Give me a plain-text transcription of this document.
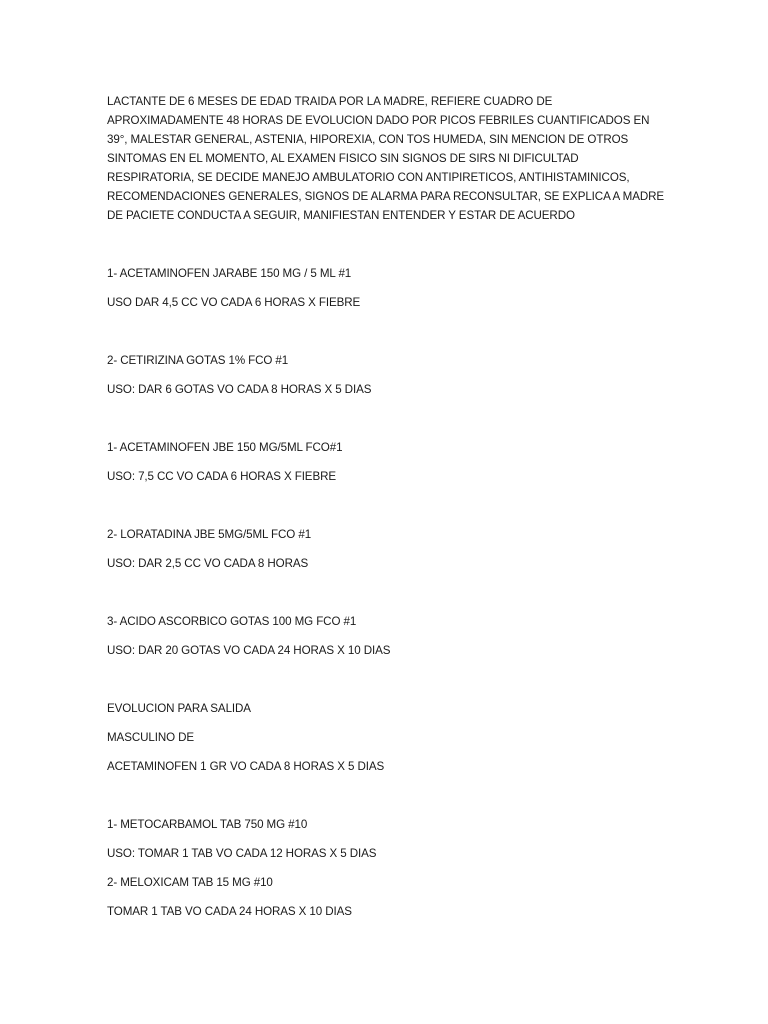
LACTANTE DE 6 MESES DE EDAD TRAIDA POR LA MADRE, REFIERE CUADRO DE
APROXIMADAMENTE 48 HORAS DE EVOLUCION DADO POR PICOS FEBRILES CUANTIFICADOS EN
39°, MALESTAR GENERAL, ASTENIA, HIPOREXIA, CON TOS HUMEDA, SIN MENCION DE OTROS
SINTOMAS EN EL MOMENTO, AL EXAMEN FISICO SIN SIGNOS DE SIRS NI DIFICULTAD
RESPIRATORIA, SE DECIDE MANEJO AMBULATORIO CON ANTIPIRETICOS, ANTIHISTAMINICOS,
RECOMENDACIONES GENERALES, SIGNOS DE ALARMA PARA RECONSULTAR, SE EXPLICA A MADRE
DE PACIETE CONDUCTA A SEGUIR, MANIFIESTAN ENTENDER Y ESTAR DE ACUERDO

1- ACETAMINOFEN JARABE 150 MG / 5 ML #1

USO DAR 4,5 CC VO CADA 6 HORAS X FIEBRE

2- CETIRIZINA GOTAS 1% FCO #1

USO: DAR 6 GOTAS VO CADA 8 HORAS X 5 DIAS

1- ACETAMINOFEN JBE 150 MG/5ML FCO#1

USO: 7,5 CC VO CADA 6 HORAS X FIEBRE

2- LORATADINA JBE 5MG/5ML FCO #1

USO: DAR 2,5 CC VO CADA 8 HORAS

3- ACIDO ASCORBICO GOTAS 100 MG FCO #1

USO: DAR 20 GOTAS VO CADA 24 HORAS X 10 DIAS

EVOLUCION PARA SALIDA

MASCULINO DE

ACETAMINOFEN 1 GR VO CADA 8 HORAS X 5 DIAS

1- METOCARBAMOL TAB 750 MG #10

USO: TOMAR 1 TAB VO CADA 12 HORAS X 5 DIAS

2- MELOXICAM TAB 15 MG #10

TOMAR 1 TAB VO CADA 24 HORAS X 10 DIAS
